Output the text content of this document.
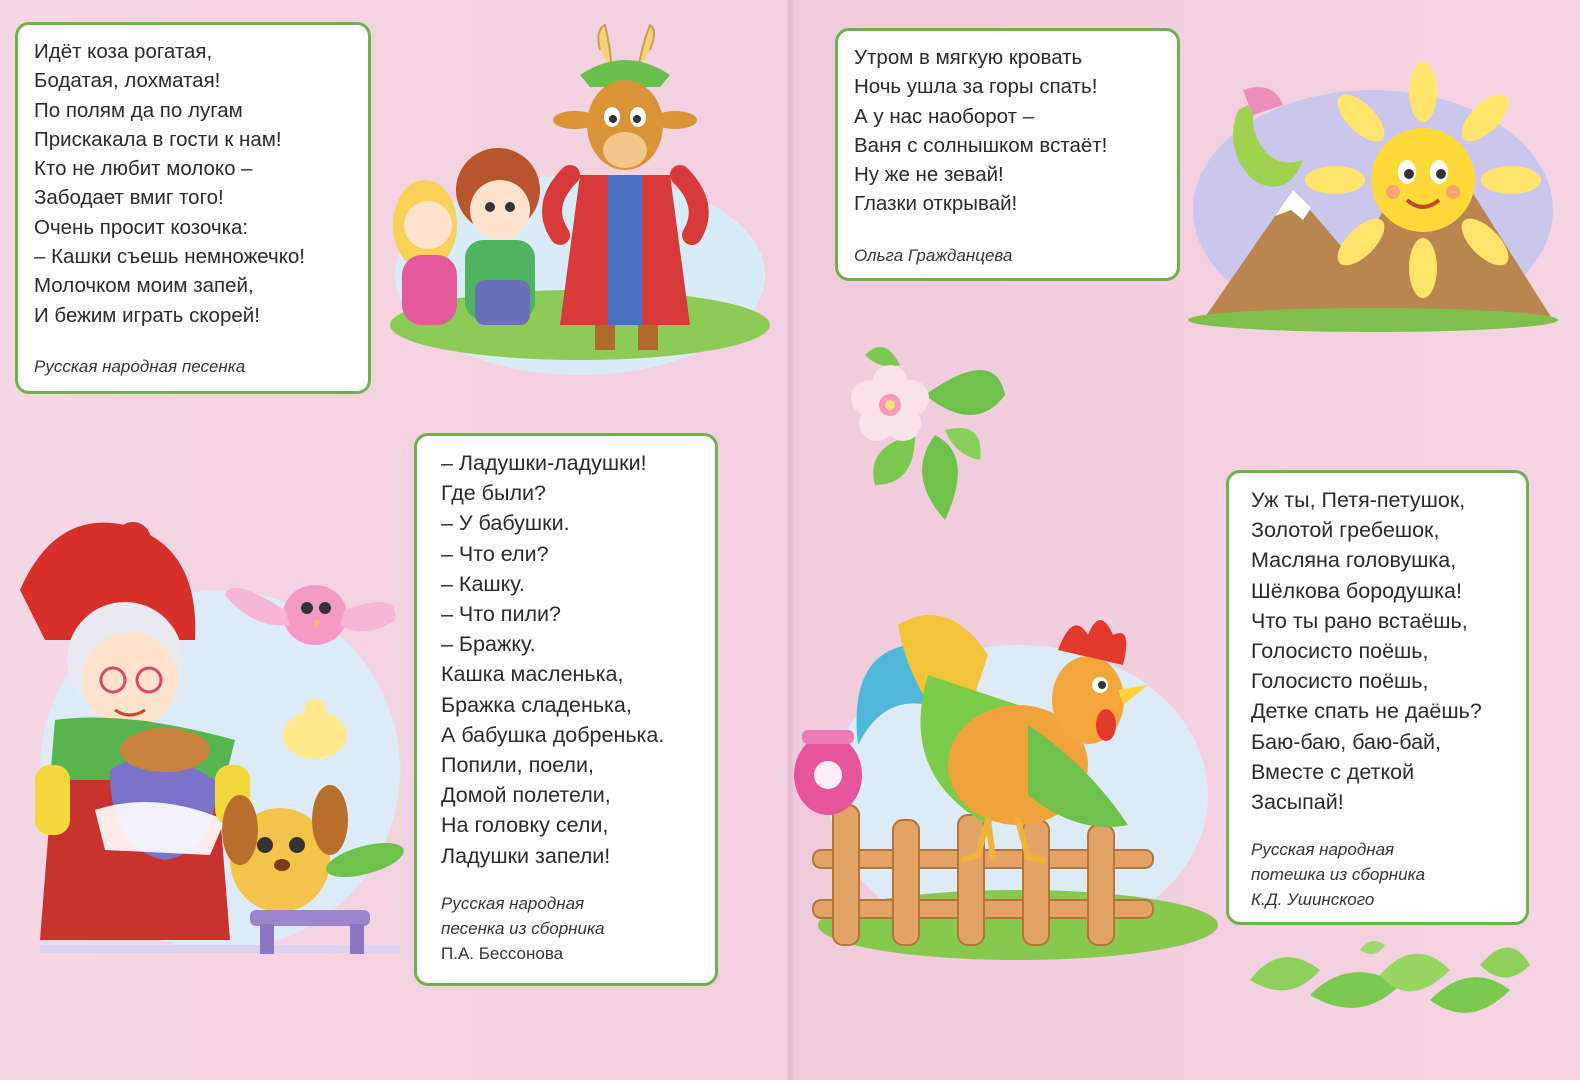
Идёт коза рогатая,
Бодатая, лохматая!
По полям да по лугам
Прискакала в гости к нам!
Кто не любит молоко –
Забодает вмиг того!
Очень просит козочка:
– Кашки съешь немножечко!
Молочком моим запей,
И бежим играть скорей!
Русская народная песенка
Утром в мягкую кровать
Ночь ушла за горы спать!
А у нас наоборот –
Ваня с солнышком встаёт!
Ну же не зевай!
Глазки открывай!
Ольга Гражданцева
– Ладушки-ладушки!
Где были?
– У бабушки.
– Что ели?
– Кашку.
– Что пили?
– Бражку.
Кашка масленька,
Бражка сладенька,
А бабушка добренька.
Попили, поели,
Домой полетели,
На головку сели,
Ладушки запели!
Русская народная
песенка из сборника
П.А. Бессонова
Уж ты, Петя-петушок,
Золотой гребешок,
Масляна головушка,
Шёлкова бородушка!
Что ты рано встаёшь,
Голосисто поёшь,
Голосисто поёшь,
Детке спать не даёшь?
Баю-баю, баю-бай,
Вместе с деткой
Засыпай!
Русская народная
потешка из сборника
К.Д. Ушинского
